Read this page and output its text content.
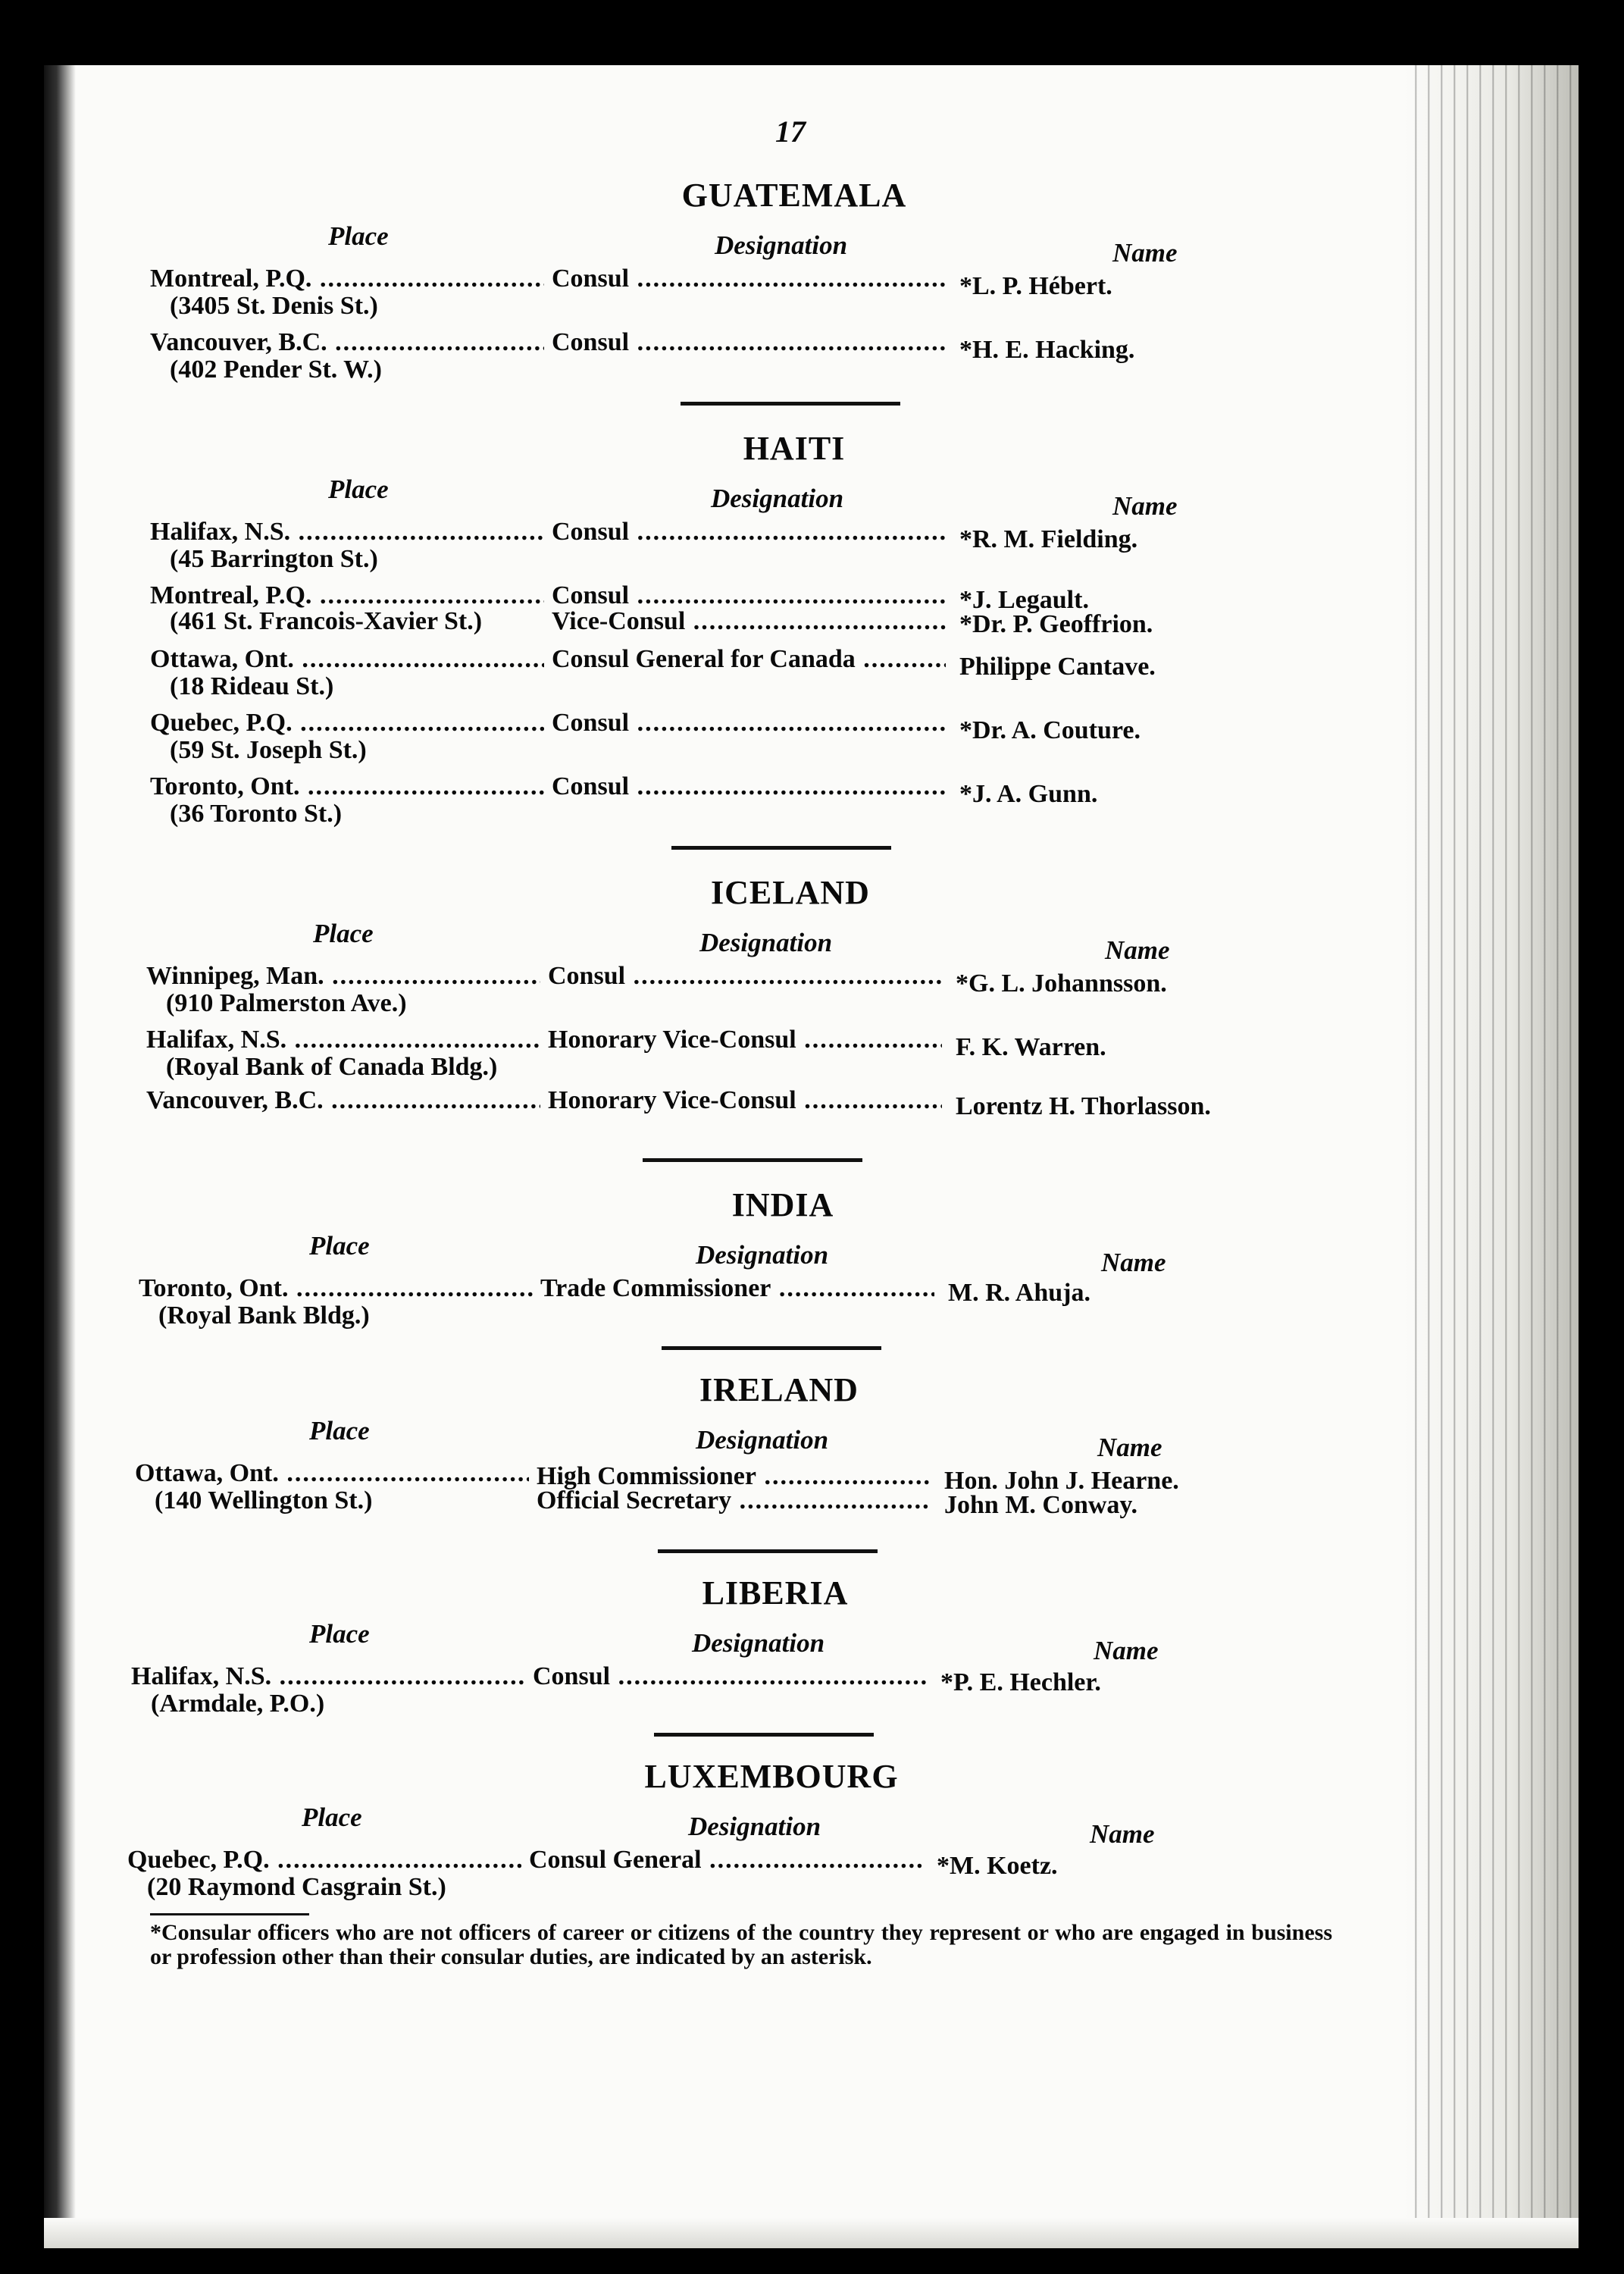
17
GUATEMALA
Place	Designation	Name
Montreal, P.Q. .....	Consul .....	*L. P. Hébert.
(3405 St. Denis St.)
Vancouver, B.C. .....	Consul .....	*H. E. Hacking.
(402 Pender St. W.)
HAITI
Place	Designation	Name
Halifax, N.S. .....	Consul .....	*R. M. Fielding.
(45 Barrington St.)
Montreal, P.Q. .....	Consul .....	*J. Legault.
(461 St. Francois-Xavier St.)	Vice-Consul .....	*Dr. P. Geoffrion.
Ottawa, Ont. .....	Consul General for Canada .....	Philippe Cantave.
(18 Rideau St.)
Quebec, P.Q. .....	Consul .....	*Dr. A. Couture.
(59 St. Joseph St.)
Toronto, Ont. .....	Consul .....	*J. A. Gunn.
(36 Toronto St.)
ICELAND
Place	Designation	Name
Winnipeg, Man. .....	Consul .....	*G. L. Johannsson.
(910 Palmerston Ave.)
Halifax, N.S. .....	Honorary Vice-Consul .....	F. K. Warren.
(Royal Bank of Canada Bldg.)
Vancouver, B.C. .....	Honorary Vice-Consul .....	Lorentz H. Thorlasson.
INDIA
Place	Designation	Name
Toronto, Ont. .....	Trade Commissioner .....	M. R. Ahuja.
(Royal Bank Bldg.)
IRELAND
Place	Designation	Name
Ottawa, Ont. .....	High Commissioner .....	Hon. John J. Hearne.
(140 Wellington St.)	Official Secretary .....	John M. Conway.
LIBERIA
Place	Designation	Name
Halifax, N.S. .....	Consul .....	*P. E. Hechler.
(Armdale, P.O.)
LUXEMBOURG
Place	Designation	Name
Quebec, P.Q. .....	Consul General .....	*M. Koetz.
(20 Raymond Casgrain St.)
*Consular officers who are not officers of career or citizens of the country they represent or who are engaged in business or profession other than their consular duties, are indicated by an asterisk.
